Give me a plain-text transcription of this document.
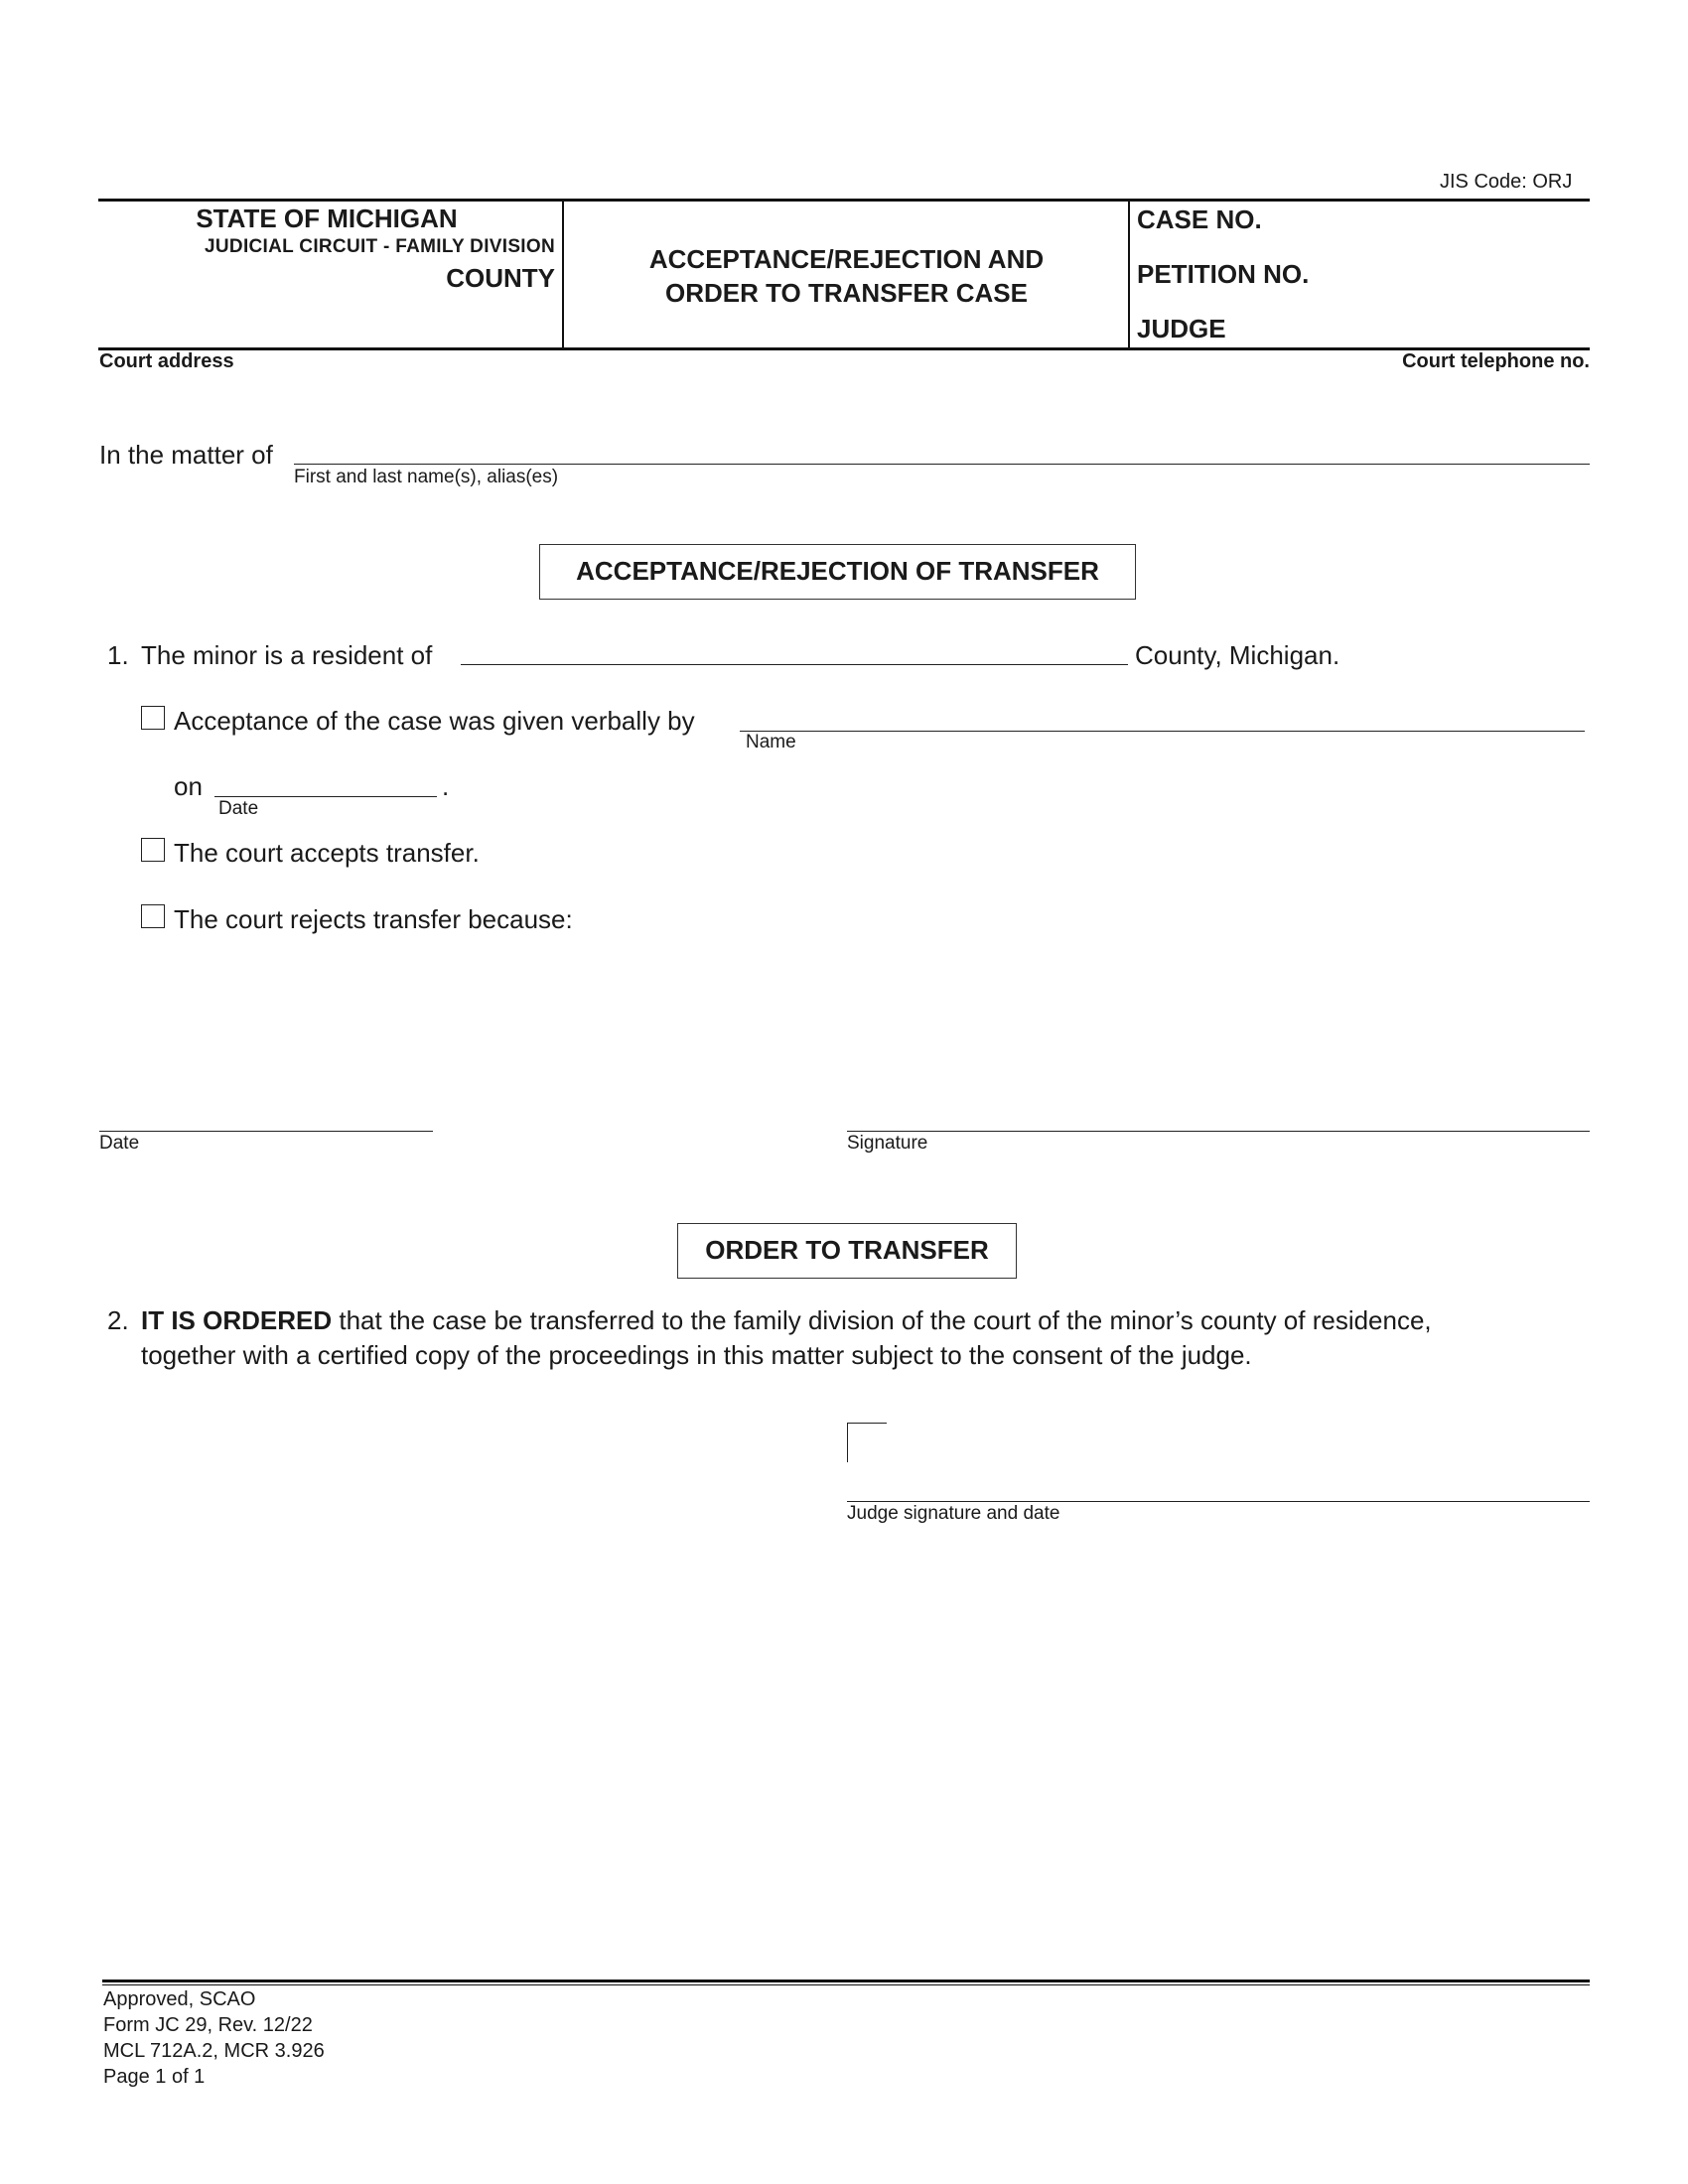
JIS Code: ORJ
STATE OF MICHIGAN
JUDICIAL CIRCUIT - FAMILY DIVISION
COUNTY
ACCEPTANCE/REJECTION AND
ORDER TO TRANSFER CASE
CASE NO.
PETITION NO.
JUDGE
Court address	Court telephone no.
In the matter of
First and last name(s), alias(es)
ACCEPTANCE/REJECTION OF TRANSFER
1. The minor is a resident of	County, Michigan.
Acceptance of the case was given verbally by
Name
on	.
Date
The court accepts transfer.
The court rejects transfer because:
Date	Signature
ORDER TO TRANSFER
2. IT IS ORDERED that the case be transferred to the family division of the court of the minor’s county of residence,
together with a certified copy of the proceedings in this matter subject to the consent of the judge.
Judge signature and date
Approved, SCAO
Form JC 29, Rev. 12/22
MCL 712A.2, MCR 3.926
Page 1 of 1
